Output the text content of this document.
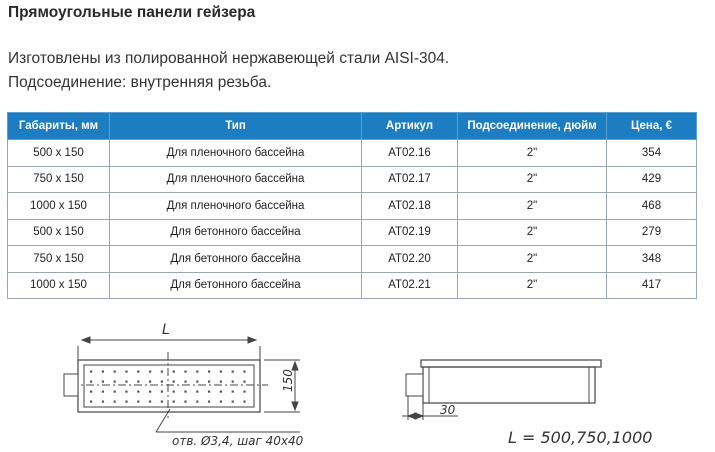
Прямоугольные панели гейзера
Изготовлены из полированной нержавеющей стали AISI-304.
Подсоединение: внутренняя резьба.
Габариты, мм	Тип	Артикул	Подсоединение, дюйм	Цена, €
500 x 150	Для пленочного бассейна	AT02.16	2"	354
750 x 150	Для пленочного бассейна	AT02.17	2"	429
1000 x 150	Для пленочного бассейна	AT02.18	2"	468
500 x 150	Для бетонного бассейна	AT02.19	2"	279
750 x 150	Для бетонного бассейна	AT02.20	2"	348
1000 x 150	Для бетонного бассейна	AT02.21	2"	417
L
150
отв. Ø3,4, шаг 40x40
30
L = 500,750,1000
